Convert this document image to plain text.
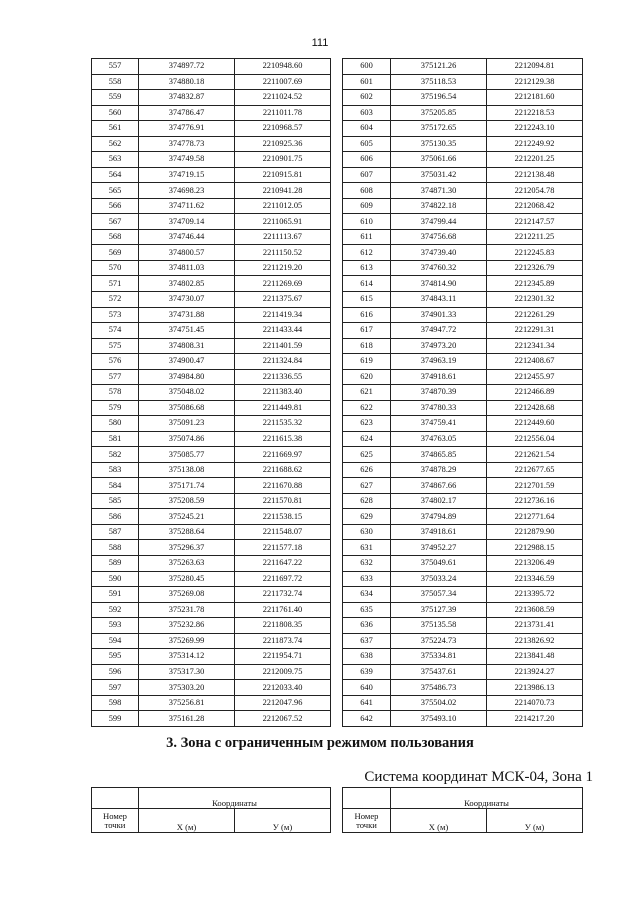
111
557	374897.72	2210948.60
558	374880.18	2211007.69
559	374832.87	2211024.52
560	374786.47	2211011.78
561	374776.91	2210968.57
562	374778.73	2210925.36
563	374749.58	2210901.75
564	374719.15	2210915.81
565	374698.23	2210941.28
566	374711.62	2211012.05
567	374709.14	2211065.91
568	374746.44	2211113.67
569	374800.57	2211150.52
570	374811.03	2211219.20
571	374802.85	2211269.69
572	374730.07	2211375.67
573	374731.88	2211419.34
574	374751.45	2211433.44
575	374808.31	2211401.59
576	374900.47	2211324.84
577	374984.80	2211336.55
578	375048.02	2211383.40
579	375086.68	2211449.81
580	375091.23	2211535.32
581	375074.86	2211615.38
582	375085.77	2211669.97
583	375138.08	2211688.62
584	375171.74	2211670.88
585	375208.59	2211570.81
586	375245.21	2211538.15
587	375288.64	2211548.07
588	375296.37	2211577.18
589	375263.63	2211647.22
590	375280.45	2211697.72
591	375269.08	2211732.74
592	375231.78	2211761.40
593	375232.86	2211808.35
594	375269.99	2211873.74
595	375314.12	2211954.71
596	375317.30	2212009.75
597	375303.20	2212033.40
598	375256.81	2212047.96
599	375161.28	2212067.52
600	375121.26	2212094.81
601	375118.53	2212129.38
602	375196.54	2212181.60
603	375205.85	2212218.53
604	375172.65	2212243.10
605	375130.35	2212249.92
606	375061.66	2212201.25
607	375031.42	2212138.48
608	374871.30	2212054.78
609	374822.18	2212068.42
610	374799.44	2212147.57
611	374756.68	2212211.25
612	374739.40	2212245.83
613	374760.32	2212326.79
614	374814.90	2212345.89
615	374843.11	2212301.32
616	374901.33	2212261.29
617	374947.72	2212291.31
618	374973.20	2212341.34
619	374963.19	2212408.67
620	374918.61	2212455.97
621	374870.39	2212466.89
622	374780.33	2212428.68
623	374759.41	2212449.60
624	374763.05	2212556.04
625	374865.85	2212621.54
626	374878.29	2212677.65
627	374867.66	2212701.59
628	374802.17	2212736.16
629	374794.89	2212771.64
630	374918.61	2212879.90
631	374952.27	2212988.15
632	375049.61	2213206.49
633	375033.24	2213346.59
634	375057.34	2213395.72
635	375127.39	2213608.59
636	375135.58	2213731.41
637	375224.73	2213826.92
638	375334.81	2213841.48
639	375437.61	2213924.27
640	375486.73	2213986.13
641	375504.02	2214070.73
642	375493.10	2214217.20
3. Зона с ограниченным режимом пользования
Система координат МСК-04, Зона 1
	Координаты	
Номер
точки	X (м)	У (м)
	Координаты	
Номер
точки	X (м)	У (м)
